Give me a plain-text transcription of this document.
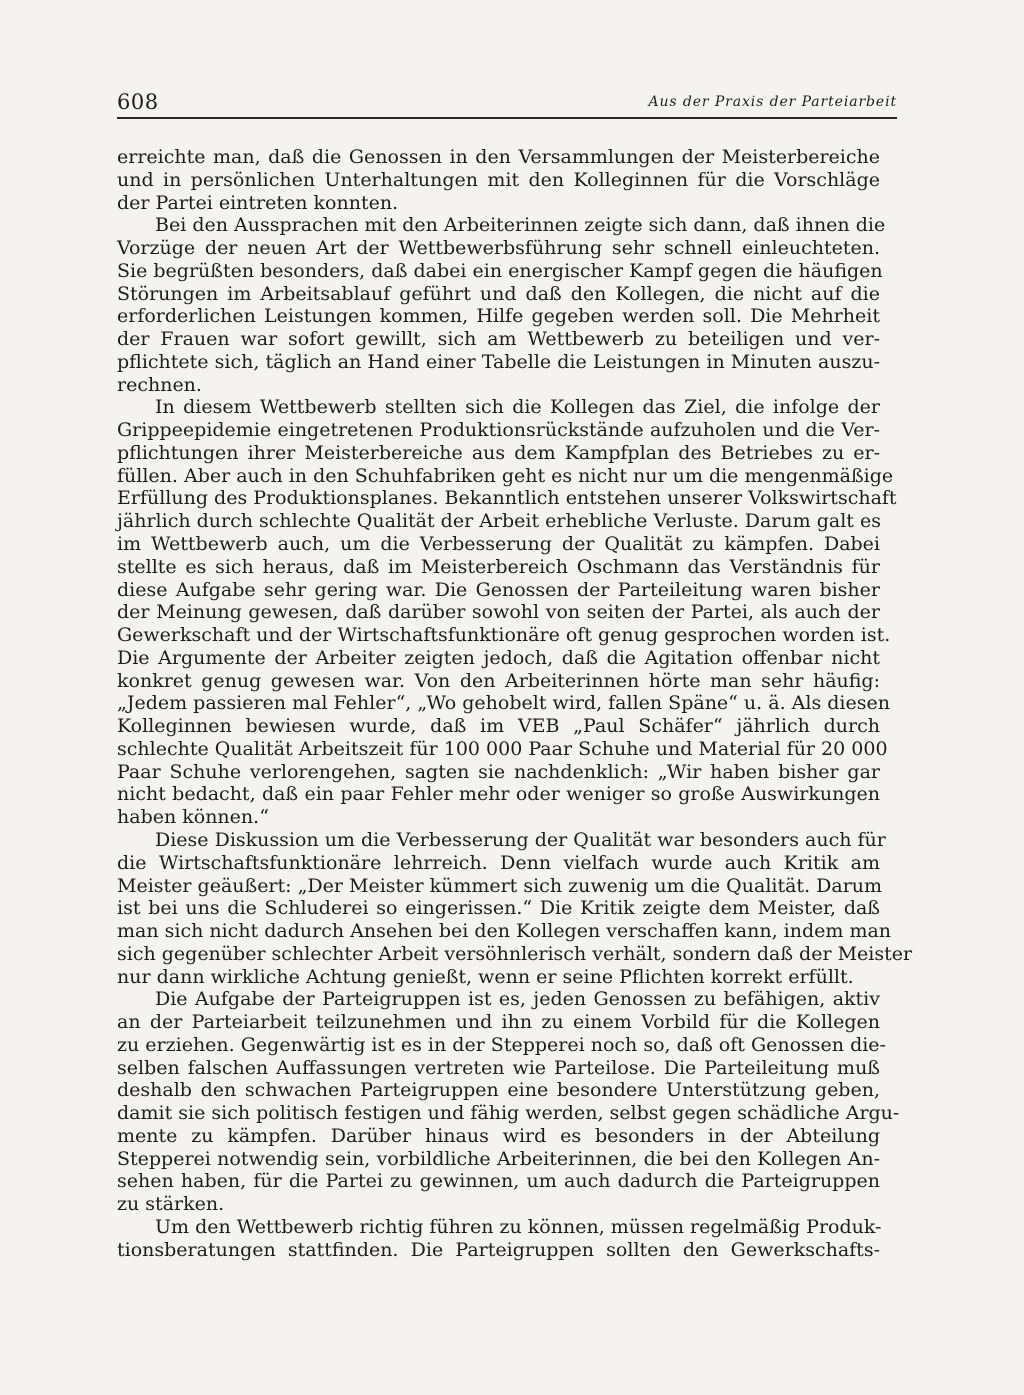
608	Aus der Praxis der Parteiarbeit
erreichte man, daß die Genossen in den Versammlungen der Meisterbereiche
und in persönlichen Unterhaltungen mit den Kolleginnen für die Vorschläge
der Partei eintreten konnten.
Bei den Aussprachen mit den Arbeiterinnen zeigte sich dann, daß ihnen die
Vorzüge der neuen Art der Wettbewerbsführung sehr schnell einleuchteten.
Sie begrüßten besonders, daß dabei ein energischer Kampf gegen die häufigen
Störungen im Arbeitsablauf geführt und daß den Kollegen, die nicht auf die
erforderlichen Leistungen kommen, Hilfe gegeben werden soll. Die Mehrheit
der Frauen war sofort gewillt, sich am Wettbewerb zu beteiligen und ver-
pflichtete sich, täglich an Hand einer Tabelle die Leistungen in Minuten auszu-
rechnen.
In diesem Wettbewerb stellten sich die Kollegen das Ziel, die infolge der
Grippeepidemie eingetretenen Produktionsrückstände aufzuholen und die Ver-
pflichtungen ihrer Meisterbereiche aus dem Kampfplan des Betriebes zu er-
füllen. Aber auch in den Schuhfabriken geht es nicht nur um die mengenmäßige
Erfüllung des Produktionsplanes. Bekanntlich entstehen unserer Volkswirtschaft
jährlich durch schlechte Qualität der Arbeit erhebliche Verluste. Darum galt es
im Wettbewerb auch, um die Verbesserung der Qualität zu kämpfen. Dabei
stellte es sich heraus, daß im Meisterbereich Oschmann das Verständnis für
diese Aufgabe sehr gering war. Die Genossen der Parteileitung waren bisher
der Meinung gewesen, daß darüber sowohl von seiten der Partei, als auch der
Gewerkschaft und der Wirtschaftsfunktionäre oft genug gesprochen worden ist.
Die Argumente der Arbeiter zeigten jedoch, daß die Agitation offenbar nicht
konkret genug gewesen war. Von den Arbeiterinnen hörte man sehr häufig:
„Jedem passieren mal Fehler“, „Wo gehobelt wird, fallen Späne“ u. ä. Als diesen
Kolleginnen bewiesen wurde, daß im VEB „Paul Schäfer“ jährlich durch
schlechte Qualität Arbeitszeit für 100 000 Paar Schuhe und Material für 20 000
Paar Schuhe verlorengehen, sagten sie nachdenklich: „Wir haben bisher gar
nicht bedacht, daß ein paar Fehler mehr oder weniger so große Auswirkungen
haben können.“
Diese Diskussion um die Verbesserung der Qualität war besonders auch für
die Wirtschaftsfunktionäre lehrreich. Denn vielfach wurde auch Kritik am
Meister geäußert: „Der Meister kümmert sich zuwenig um die Qualität. Darum
ist bei uns die Schluderei so eingerissen.“ Die Kritik zeigte dem Meister, daß
man sich nicht dadurch Ansehen bei den Kollegen verschaffen kann, indem man
sich gegenüber schlechter Arbeit versöhnlerisch verhält, sondern daß der Meister
nur dann wirkliche Achtung genießt, wenn er seine Pflichten korrekt erfüllt.
Die Aufgabe der Parteigruppen ist es, jeden Genossen zu befähigen, aktiv
an der Parteiarbeit teilzunehmen und ihn zu einem Vorbild für die Kollegen
zu erziehen. Gegenwärtig ist es in der Stepperei noch so, daß oft Genossen die-
selben falschen Auffassungen vertreten wie Parteilose. Die Parteileitung muß
deshalb den schwachen Parteigruppen eine besondere Unterstützung geben,
damit sie sich politisch festigen und fähig werden, selbst gegen schädliche Argu-
mente zu kämpfen. Darüber hinaus wird es besonders in der Abteilung
Stepperei notwendig sein, vorbildliche Arbeiterinnen, die bei den Kollegen An-
sehen haben, für die Partei zu gewinnen, um auch dadurch die Parteigruppen
zu stärken.
Um den Wettbewerb richtig führen zu können, müssen regelmäßig Produk-
tionsberatungen stattfinden. Die Parteigruppen sollten den Gewerkschafts-
